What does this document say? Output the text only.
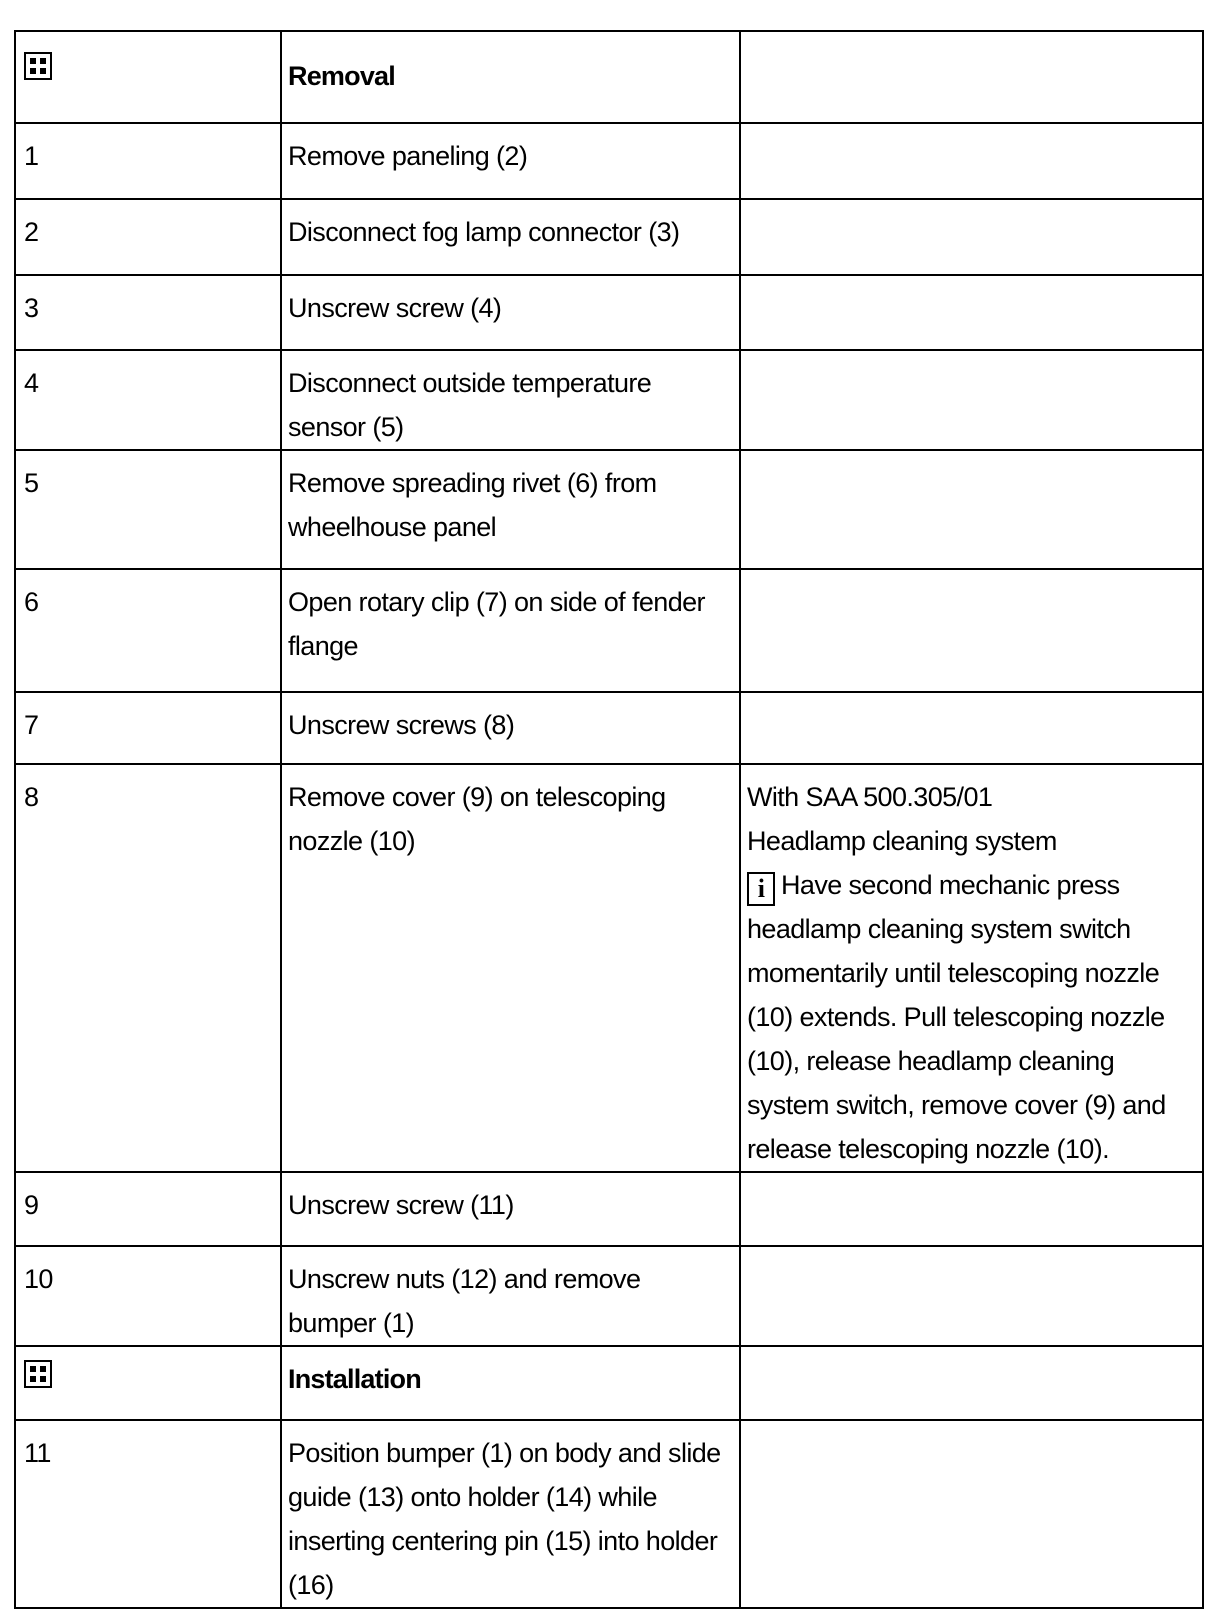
	Removal	

1	Remove paneling (2)	
2	Disconnect fog lamp connector (3)	
3	Unscrew screw (4)	
4	Disconnect outside temperature sensor (5)	
5	Remove spreading rivet (6) from wheelhouse panel	
6	Open rotary clip (7) on side of fender flange	
7	Unscrew screws (8)	
8	Remove cover (9) on telescoping nozzle (10)	With SAA 500.305/01
Headlamp cleaning system
i Have second mechanic press headlamp cleaning system switch momentarily until telescoping nozzle (10) extends. Pull telescoping nozzle (10), release headlamp cleaning system switch, remove cover (9) and release telescoping nozzle (10).
9	Unscrew screw (11)	
10	Unscrew nuts (12) and remove bumper (1)	

	Installation	

11	Position bumper (1) on body and slide guide (13) onto holder (14) while inserting centering pin (15) into holder (16)	
